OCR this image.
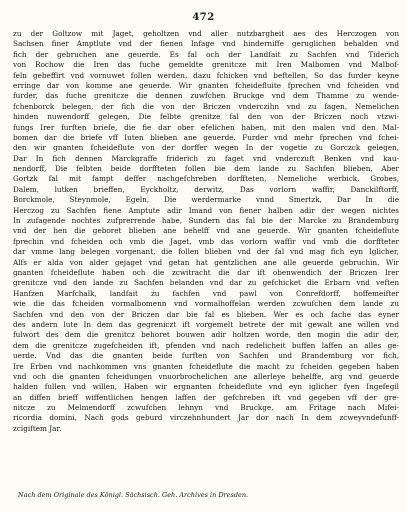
472
zu der Goltzow mit Jaget, geholtzen vnd aller nutzbargheit aes des Herczogen von
Sachsen finer Amptlute vnd der fienen Infage vnd hinderniffe geruglichen behalden vnd
fich der gebruchen ane geuerde. Es fal och der Landfait zu Sachfen vnd Tiderich
von Rochow die Iren das fuche gemeldte grenitcze mit Iren Malbomen vnd Malbof-
feln gebeffirt vnd vornuwet follen werden, dazu fchicken vnd beftellen, So das furder keyne
erringe dar von komme ane geuerde. Wir gnanten fcheidefluite fprechen vnd fcheiden vnd
furder, das fuche grenitcze die dennen zuwfchen Bruckge vnd dem Thamme zu wende-
fchenborck belegen, der fich die von der Briczen vnderczihn vnd zu fagen, Nemelichen
hinden nuwendorff gelegen, Die felbte grenitze fal den von der Briczen noch vtzwi-
fungs Irer furften briefe, die fie dar ober efelichen haben, mit den malen vnd den Mal-
bomen dar die briefe vff Iuten blieben ane geuerde. Furder vnd mehr fprechen vnd fchei-
den wir gnanten fcheideflute von der dorffer wegen In der vogetie zu Gorczck gelegen,
Dar In fich dennen Marckgraffe friderich zu faget vnd vnderczuft Benken vnd kau-
nendorff, Die felbten beide dorffteten follen bie dem lande zu Sachfen blieben, Aber
Gortzk fal mit fampt deffer nachgefchreben dorffteten, Nemeliche werbick, Grobes,
Dalem, lutken brieffen, Eyckholtz, derwitz, Das vorlorn waffir, Danckilftorff,
Borckmole, Steynmole, Egeln, Die werdermarke vnnd Smertzk, Dar In die
Herczog zu Sachfen fiene Amptute adir Imand von fiener halben adir der wegen nichtes
In zufagende nochtes zufprerrende habe, Sundern das fal bie der Marcke zu Brandemburg
vnd der hen die geboret blieben ane behelff vnd ane geuerde. Wir gnanten fcheideflute
fprechin vnd fcheiden och vmb die Jaget, vmb das vorlorn waffir vnd vmb die dorffteter
dar vmme lang belegen vorgenant, die follen blieben vnd der fal vnd mag fich eyn Iglicher,
Alfs er alda von alder gejaget vnd getan hat gentzlichen ane alle geuerde gebruchin. Wir
gnanten fcheideflute haben och die zcwitracht die dar ift obenwendich der Briczen Irer
grenitcze vnd den lande zu Sachfen belanden vnd dar zu gefchicket die Erbarn vnd veften
Hanfzen Marfchalk, landfait zu fachfen vnd pawl von Conrefdorff, hoffemeifter
wie die das fcheiden vormalbomenn vnd vormalhoffelan werden zcwufchen dem lande zu
Sachfen vnd den von der Briczen dar bie fal es blieben. Wer es och fache das eyner
des andern lute In dem das gegreniczt ift vorgemelt betrete der mit gewalt ane willen vnd
fulwort des dem die grenitcz behoret bouwen adir holtzen worde, den mogin die adir der,
dem die grenitcze zugefcheiden ift, pfenden vnd nach redelicheit buffen laffen an alles ge-
uerde. Vnd das die gnanten beide furften von Sachfen und Brandemburg vor fich,
Ire Erben vnd nachkommen vns gnanten fcheideflute die macht zu fcheiden gegeben haben
vnd och die gnanten fcheidungen vnuorbrochelichen ane allerleye behelffe, arg vnd geuerde
halden fullen vnd willen, Haben wir ergnanten fcheideflute vnd eyn iglicher fyen Ingefegil
an diffen brieff wiffentlichen hengen laffen der gefchreben ift vnd gegeben vff der gre-
nitcze zu Melmendorff zcwufchen lehnyn vnd Bruckge, am Fritage nach Mifei-
ricordia domini, Nach gods geburd virczehnhundert Jar dor nach In dem zcweyvndefunff-
zcigiftem Jar.
Nach dem Originale des Königl. Sächsisch. Geh. Archives in Dresden.
